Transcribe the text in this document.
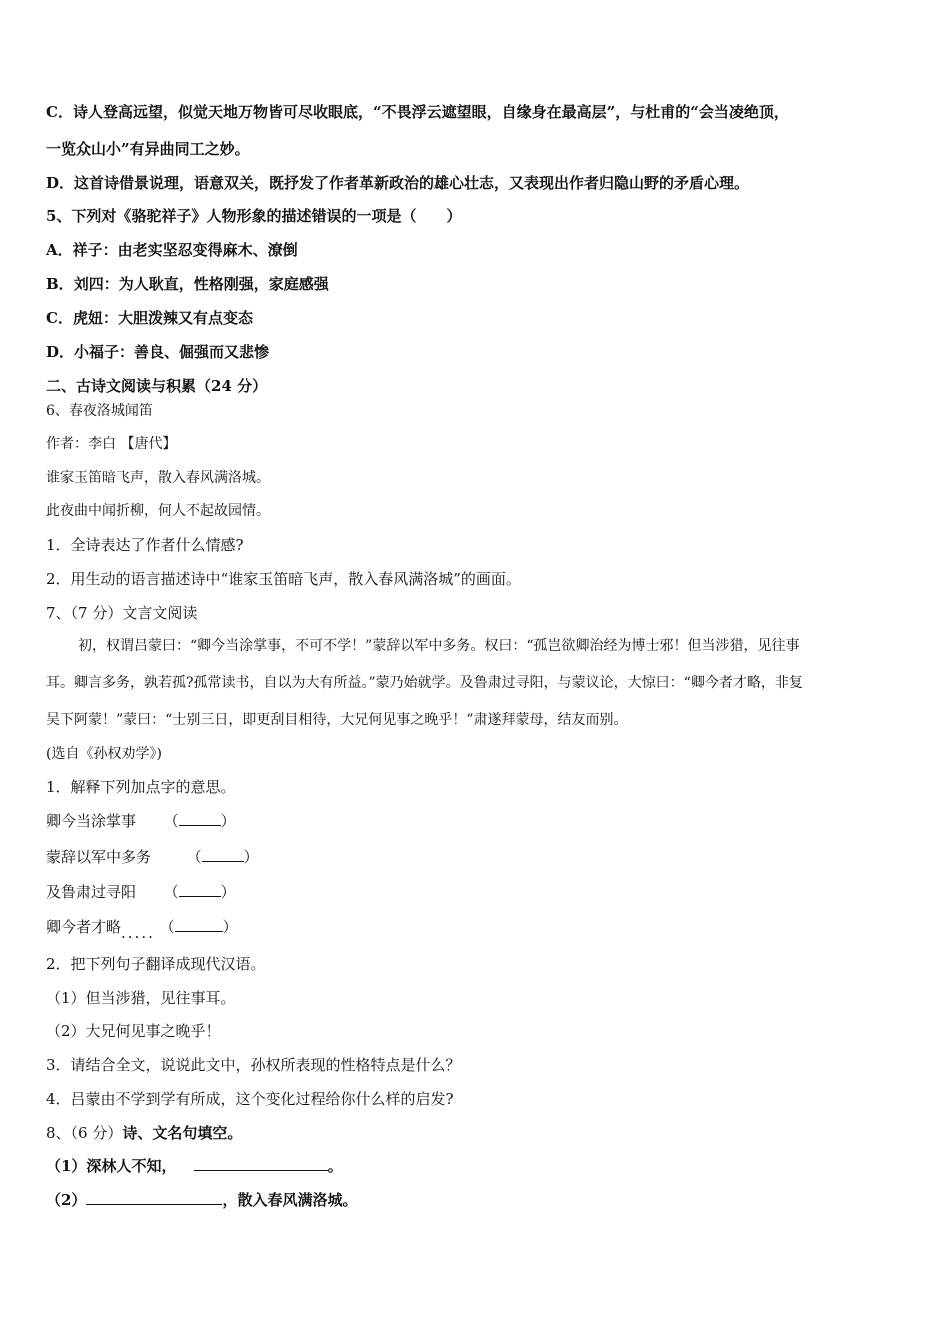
C．诗人登高远望，似觉天地万物皆可尽收眼底，“不畏浮云遮望眼，自缘身在最高层”，与杜甫的“会当凌绝顶，
一览众山小”有异曲同工之妙。
D．这首诗借景说理，语意双关，既抒发了作者革新政治的雄心壮志，又表现出作者归隐山野的矛盾心理。
5、下列对《骆驼祥子》人物形象的描述错误的一项是（　　）
A．祥子：由老实坚忍变得麻木、潦倒
B．刘四：为人耿直，性格刚强，家庭感强
C．虎妞：大胆泼辣又有点变态
D．小福子：善良、倔强而又悲惨
二、古诗文阅读与积累（24 分）
6、春夜洛城闻笛
作者：李白 【唐代】
谁家玉笛暗飞声，散入春风满洛城。
此夜曲中闻折柳，何人不起故园情。
1．全诗表达了作者什么情感?
2．用生动的语言描述诗中“谁家玉笛暗飞声，散入春风满洛城”的画面。
7、（7 分）文言文阅读
初，权谓吕蒙曰：“卿今当涂掌事，不可不学！”蒙辞以军中多务。权曰：“孤岂欲卿治经为博士邪！但当涉猎，见往事
耳。卿言多务，孰若孤?孤常读书，自以为大有所益。”蒙乃始就学。及鲁肃过寻阳，与蒙议论，大惊曰：“卿今者才略，非复
吴下阿蒙！”蒙曰：“士别三日，即更刮目相待，大兄何见事之晚乎！”肃遂拜蒙母，结友而别。
(选自《孙权劝学》)
1．解释下列加点字的意思。
卿今当涂掌事 （	）
蒙辞以军中多务 （	）
及鲁肃过寻阳 （	）
卿今者才略..... （	）
2．把下列句子翻译成现代汉语。
（1）但当涉猎，见往事耳。
（2）大兄何见事之晚乎！
3．请结合全文，说说此文中，孙权所表现的性格特点是什么？
4．吕蒙由不学到学有所成，这个变化过程给你什么样的启发?
8、（6 分）诗、文名句填空。
（1）深林人不知，	。
（2）	，散入春风满洛城。
